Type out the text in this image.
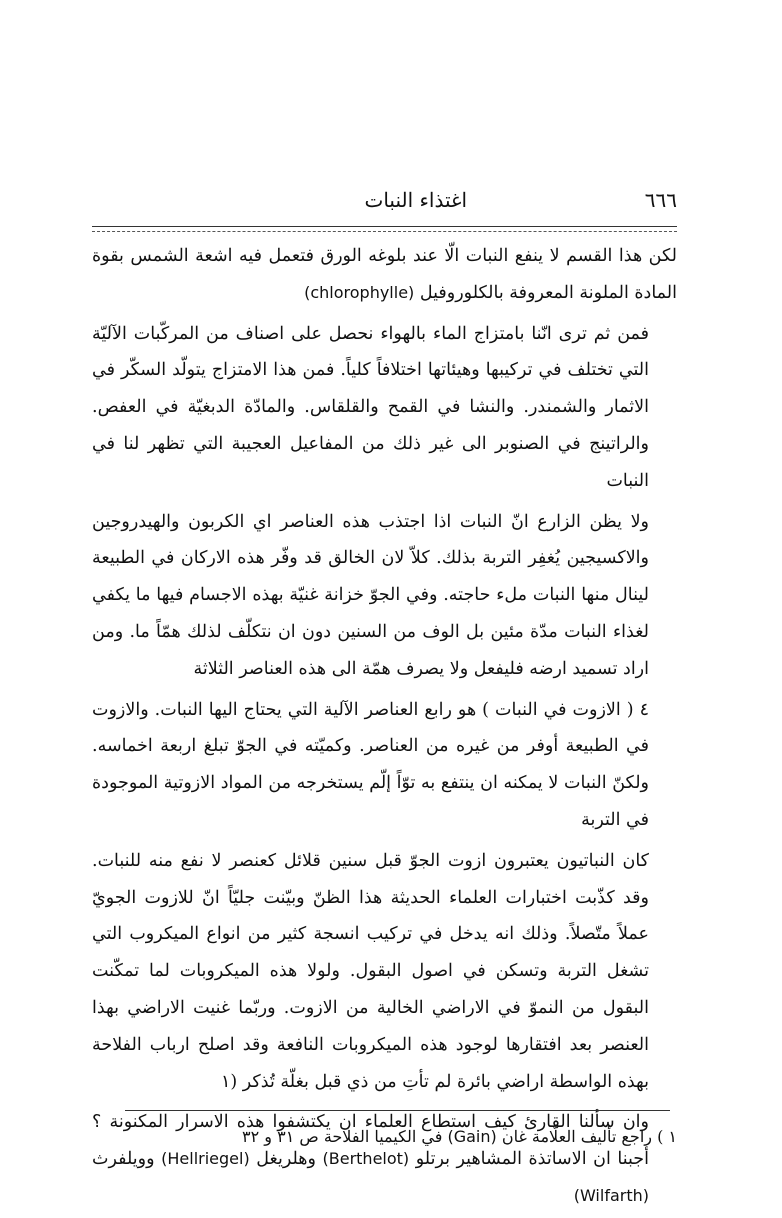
٦٦٦
اغتذاء النبات

لكن هذا القسم لا ينفع النبات الّا عند بلوغه الورق فتعمل فيه اشعة الشمس بقوة المادة الملونة المعروفة بالكلوروفيل (chlorophylle)

فمن ثم ترى انّنا بامتزاج الماء بالهواء نحصل على اصناف من المركّبات الآليّة التي تختلف في تركيبها وهيئاتها اختلافاً كلياً. فمن هذا الامتزاج يتولّد السكّر في الاثمار والشمندر. والنشا في القمح والقلقاس. والمادّة الدبغيّة في العفص. والراتينج في الصنوبر الى غير ذلك من المفاعيل العجيبة التي تظهر لنا في النبات

ولا يظن الزارع انّ النبات اذا اجتذب هذه العناصر اي الكربون والهيدروجين والاكسيجين يُغفِر التربة بذلك. كلاّ لان الخالق قد وفّر هذه الاركان في الطبيعة لينال منها النبات ملء حاجته. وفي الجوّ خزانة غنيّة بهذه الاجسام فيها ما يكفي لغذاء النبات مدّة مئين بل الوف من السنين دون ان نتكلّف لذلك همّاً ما. ومن اراد تسميد ارضه فليفعل ولا يصرف همّة الى هذه العناصر الثلاثة

٤ ( الازوت في النبات ) هو رابع العناصر الآلية التي يحتاج اليها النبات. والازوت في الطبيعة أوفر من غيره من العناصر. وكميّته في الجوّ تبلغ اربعة اخماسه. ولكنّ النبات لا يمكنه ان ينتفع به توّاً إلّم يستخرجه من المواد الازوتية الموجودة في التربة

كان النباتيون يعتبرون ازوت الجوّ قبل سنين قلائل كعنصر لا نفع منه للنبات. وقد كذّبت اختبارات العلماء الحديثة هذا الظنّ وبيّنت جليّاً انّ للازوت الجويّ عملاً متّصلاً. وذلك انه يدخل في تركيب انسجة كثير من انواع الميكروب التي تشغل التربة وتسكن في اصول البقول. ولولا هذه الميكروبات لما تمكّنت البقول من النموّ في الاراضي الخالية من الازوت. وربّما غنيت الاراضي بهذا العنصر بعد افتقارها لوجود هذه الميكروبات النافعة وقد اصلح ارباب الفلاحة بهذه الواسطة اراضي بائرة لم تأتِ من ذي قبل بغلّة تُذكر (١

وان سألنا القارئ كيف استطاع العلماء ان يكتشفوا هذه الاسرار المكنونة ؟ أجبنا ان الاساتذة المشاهير برتلو (Berthelot) وهلريغل (Hellriegel) وويلفرث (Wilfarth)

١ ) راجع تأليف العلّامة غان (Gain) في الكيميا الفلاحة ص ٣١ و ٣٢
